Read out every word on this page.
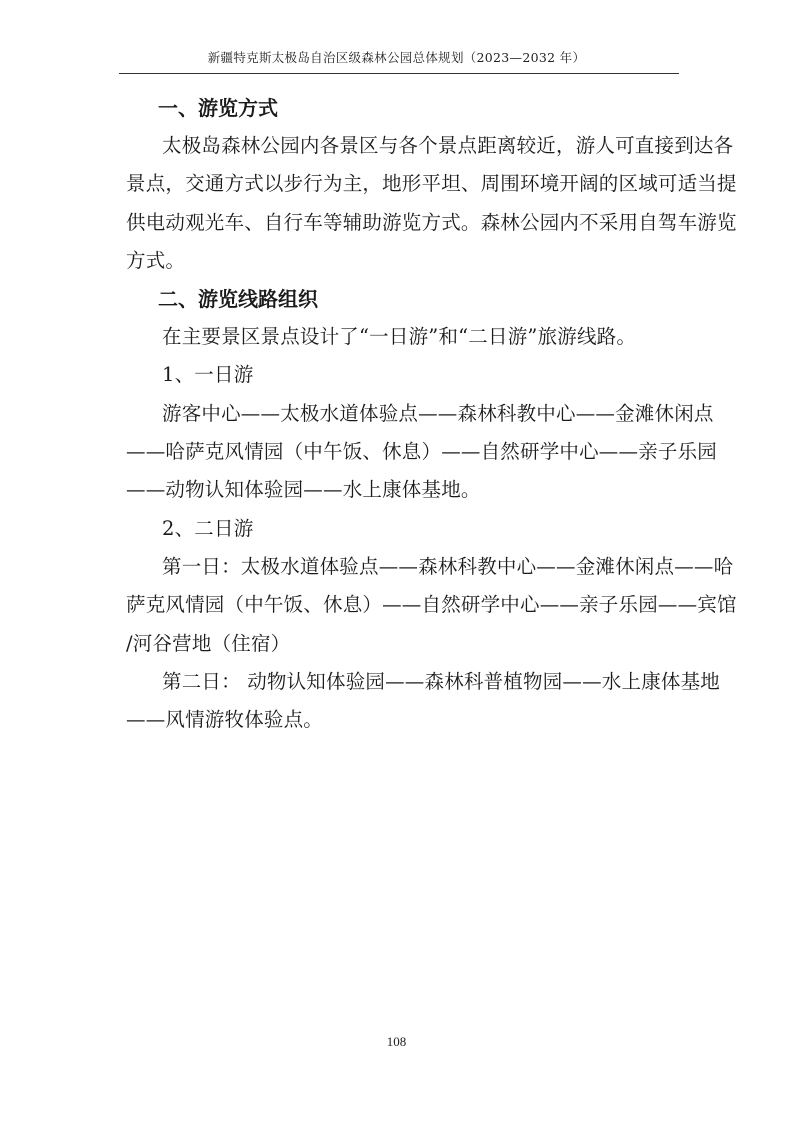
新疆特克斯太极岛自治区级森林公园总体规划（2023—2032 年）
一、游览方式

太极岛森林公园内各景区与各个景点距离较近，游人可直接到达各
景点，交通方式以步行为主，地形平坦、周围环境开阔的区域可适当提
供电动观光车、自行车等辅助游览方式。森林公园内不采用自驾车游览
方式。

二、游览线路组织

在主要景区景点设计了“一日游”和“二日游”旅游线路。

1、一日游

游客中心——太极水道体验点——森林科教中心——金滩休闲点
——哈萨克风情园（中午饭、休息）——自然研学中心——亲子乐园
——动物认知体验园——水上康体基地。

2、二日游

第一日：太极水道体验点——森林科教中心——金滩休闲点——哈
萨克风情园（中午饭、休息）——自然研学中心——亲子乐园——宾馆
/河谷营地（住宿）

第二日： 动物认知体验园——森林科普植物园——水上康体基地
——风情游牧体验点。

108
